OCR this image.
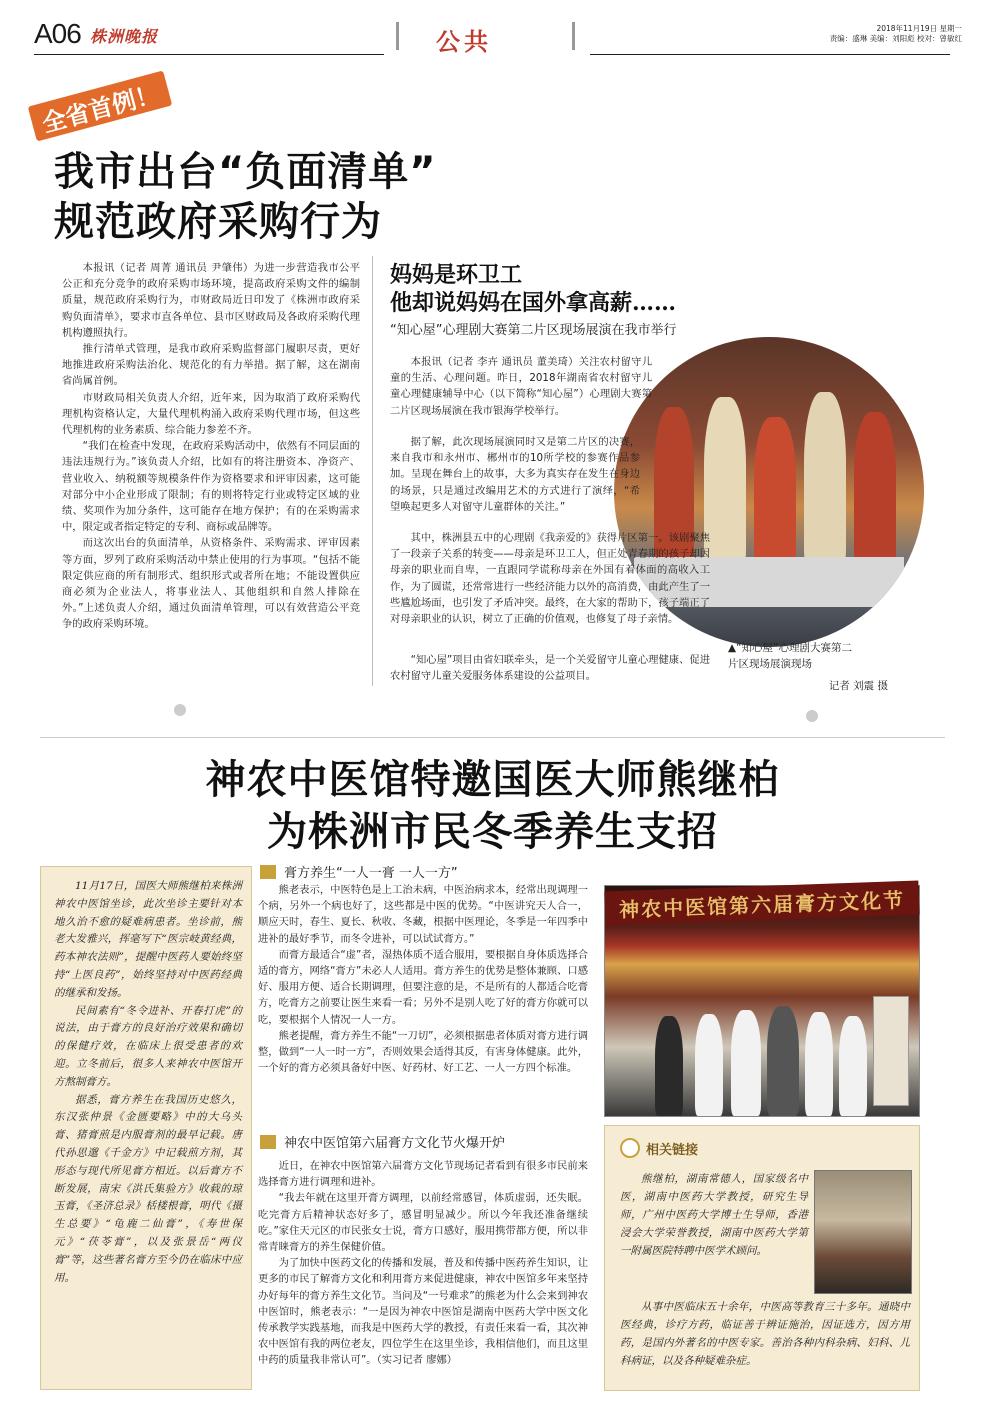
A06 株洲晚报	公共	2018年11月19日 星期一
责编：盛琳 美编：刘阳彪 校对：曾敏红
全省首例！
我市出台“负面清单”
规范政府采购行为

本报讯（记者 周菁 通讯员 尹肇伟）为进一步营造我市公平公正和充分竞争的政府采购市场环境，提高政府采购文件的编制质量，规范政府采购行为，市财政局近日印发了《株洲市政府采购负面清单》，要求市直各单位、县市区财政局及各政府采购代理机构遵照执行。

推行清单式管理，是我市政府采购监督部门履职尽责，更好地推进政府采购法治化、规范化的有力举措。据了解，这在湖南省尚属首例。

市财政局相关负责人介绍，近年来，因为取消了政府采购代理机构资格认定，大量代理机构涌入政府采购代理市场，但这些代理机构的业务素质、综合能力参差不齐。

“我们在检查中发现，在政府采购活动中，依然有不同层面的违法违规行为。”该负责人介绍，比如有的将注册资本、净资产、营业收入、纳税额等规模条件作为资格要求和评审因素，这可能对部分中小企业形成了限制；有的则将特定行业或特定区域的业绩、奖项作为加分条件，这可能存在地方保护；有的在采购需求中，限定或者指定特定的专利、商标或品牌等。

而这次出台的负面清单，从资格条件、采购需求、评审因素等方面，罗列了政府采购活动中禁止使用的行为事项。“包括不能限定供应商的所有制形式、组织形式或者所在地；不能设置供应商必须为企业法人，将事业法人、其他组织和自然人排除在外。”上述负责人介绍，通过负面清单管理，可以有效营造公平竞争的政府采购环境。

妈妈是环卫工
他却说妈妈在国外拿高薪……
“知心屋”心理剧大赛第二片区现场展演在我市举行

本报讯（记者 李卉 通讯员 董美琦）关注农村留守儿童的生活、心理问题。昨日，2018年湖南省农村留守儿童心理健康辅导中心（以下简称“知心屋”）心理剧大赛第二片区现场展演在我市银海学校举行。

据了解，此次现场展演同时又是第二片区的决赛，来自我市和永州市、郴州市的10所学校的参赛作品参加。呈现在舞台上的故事，大多为真实存在发生在身边的场景，只是通过改编用艺术的方式进行了演绎，“希望唤起更多人对留守儿童群体的关注。”

其中，株洲县五中的心理剧《我亲爱的》获得片区第一。该剧聚焦了一段亲子关系的转变——母亲是环卫工人，但正处青春期的孩子却因母亲的职业而自卑，一直跟同学谎称母亲在外国有着体面的高收入工作，为了圆谎，还常常进行一些经济能力以外的高消费，由此产生了一些尴尬场面，也引发了矛盾冲突。最终，在大家的帮助下，孩子端正了对母亲职业的认识，树立了正确的价值观，也修复了母子亲情。

“知心屋”项目由省妇联牵头，是一个关爱留守儿童心理健康、促进农村留守儿童关爱服务体系建设的公益项目。

▲“知心屋”心理剧大赛第二
片区现场展演现场
记者 刘震 摄
神农中医馆特邀国医大师熊继柏
为株洲市民冬季养生支招

11月17日，国医大师熊继柏来株洲神农中医馆坐诊，此次坐诊主要针对本地久治不愈的疑难病患者。坐诊前，熊老大发雅兴，挥毫写下“医宗岐黄经典，药本神农法则”，提醒中医药人要始终坚持“上医良药”，始终坚持对中医药经典的继承和发扬。

民间素有“冬令进补、开春打虎”的说法，由于膏方的良好治疗效果和确切的保健疗效，在临床上很受患者的欢迎。立冬前后，很多人来神农中医馆开方熬制膏方。

据悉，膏方养生在我国历史悠久，东汉张仲景《金匮要略》中的大乌头膏、猪膏煎是内服膏剂的最早记载。唐代孙思邈《千金方》中记载煎方剂，其形态与现代所见膏方相近。以后膏方不断发展，南宋《洪氏集验方》收载的琼玉膏，《圣济总录》栝楼根膏，明代《摄生总要》“龟鹿二仙膏”，《寿世保元》“茯苓膏”，以及张景岳“两仪膏”等，这些著名膏方至今仍在临床中应用。

膏方养生“一人一膏 一人一方”

熊老表示，中医特色是上工治未病，中医治病求本，经常出现调理一个病，另外一个病也好了，这些都是中医的优势。“中医讲究天人合一，顺应天时，春生、夏长、秋收、冬藏，根据中医理论，冬季是一年四季中进补的最好季节，而冬令进补，可以试试膏方。”

而膏方最适合“虚”者，湿热体质不适合服用，要根据自身体质选择合适的膏方，网络“膏方”未必人人适用。膏方养生的优势是整体兼顾、口感好、服用方便、适合长期调理，但要注意的是，不是所有的人都适合吃膏方，吃膏方之前要让医生来看一看；另外不是别人吃了好的膏方你就可以吃，要根据个人情况一人一方。

熊老提醒，膏方养生不能“一刀切”，必须根据患者体质对膏方进行调整，做到“一人一时一方”，否则效果会适得其反，有害身体健康。此外，一个好的膏方必须具备好中医、好药材、好工艺、一人一方四个标准。

神农中医馆第六届膏方文化节火爆开炉

近日，在神农中医馆第六届膏方文化节现场记者看到有很多市民前来选择膏方进行调理和进补。

“我去年就在这里开膏方调理，以前经常感冒，体质虚弱，还失眠。吃完膏方后精神状态好多了，感冒明显减少。所以今年我还准备继续吃。”家住天元区的市民张女士说，膏方口感好，服用携带都方便，所以非常青睐膏方的养生保健价值。

为了加快中医药文化的传播和发展，普及和传播中医药养生知识，让更多的市民了解膏方文化和利用膏方来促进健康，神农中医馆多年来坚持办好每年的膏方养生文化节。当问及“一号难求”的熊老为什么会来到神农中医馆时，熊老表示：“一是因为神农中医馆是湖南中医药大学中医文化传承教学实践基地，而我是中医药大学的教授，有责任来看一看，其次神农中医馆有我的两位老友，四位学生在这里坐诊，我相信他们，而且这里中药的质量我非常认可”。（实习记者 廖娜）

神农中医馆第六届膏方文化节
相关链接

熊继柏，湖南常德人，国家级名中医，湖南中医药大学教授，研究生导师，广州中医药大学博士生导师，香港浸会大学荣誉教授，湖南中医药大学第一附属医院特聘中医学术顾问。

从事中医临床五十余年，中医高等教育三十多年。通晓中医经典，诊疗方药，临证善于辨证施治，因证选方，因方用药，是国内外著名的中医专家。善治各种内科杂病、妇科、儿科病证，以及各种疑难杂症。
